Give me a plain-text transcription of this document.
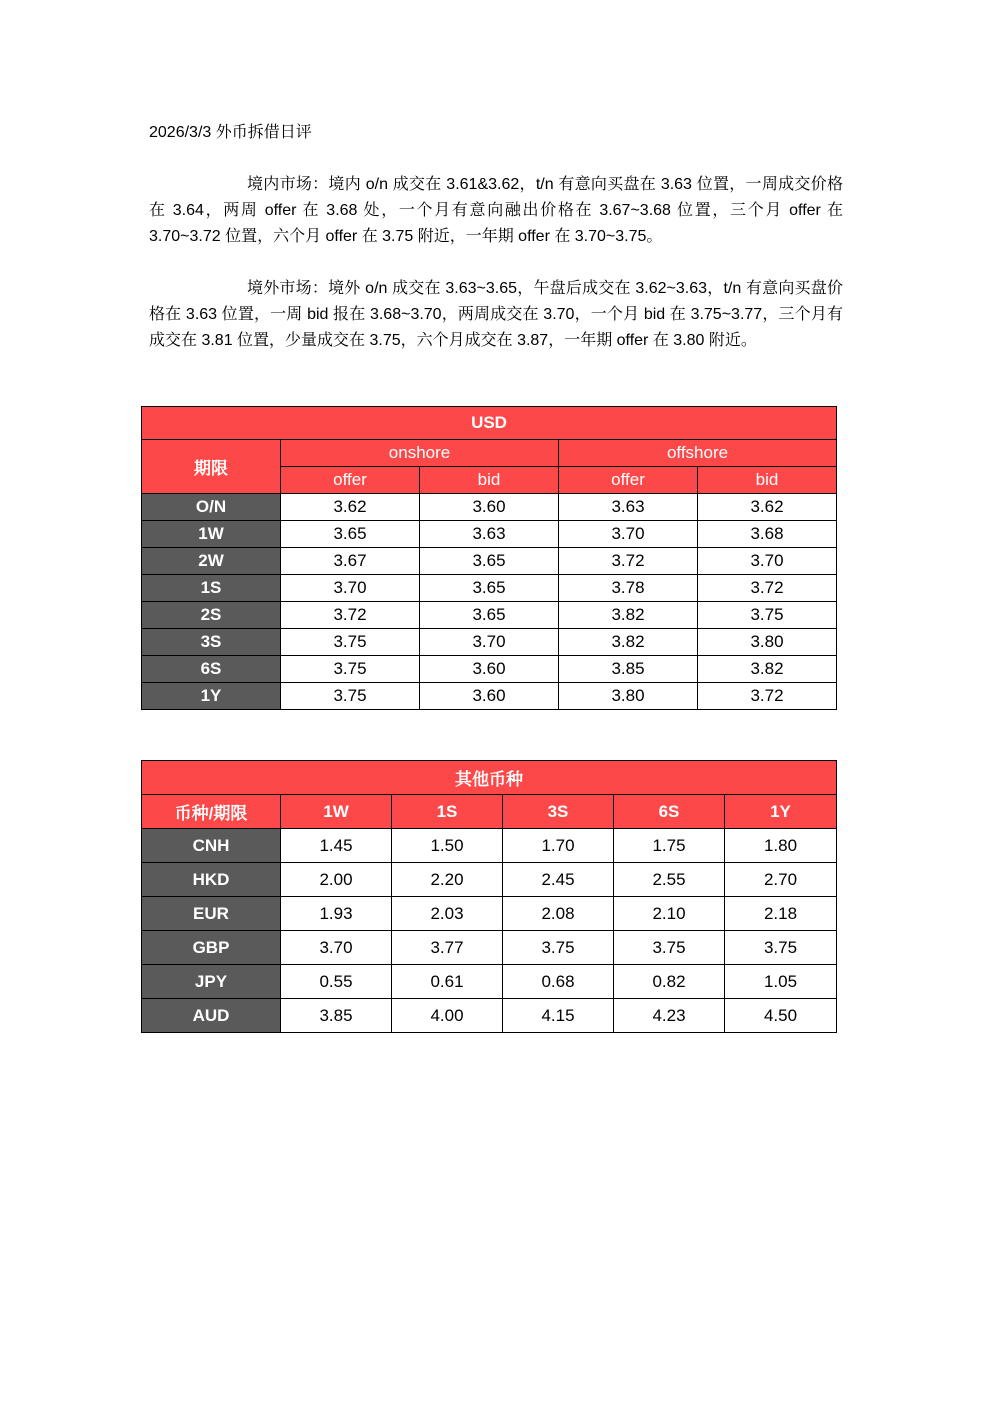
2026/3/3 外币拆借日评

境内市场：境内 o/n 成交在 3.61&3.62，t/n 有意向买盘在 3.63 位置，一周成交价格在 3.64，两周 offer 在 3.68 处，一个月有意向融出价格在 3.67~3.68 位置，三个月 offer 在 3.70~3.72 位置，六个月 offer 在 3.75 附近，一年期 offer 在 3.70~3.75。

境外市场：境外 o/n 成交在 3.63~3.65，午盘后成交在 3.62~3.63，t/n 有意向买盘价格在 3.63 位置，一周 bid 报在 3.68~3.70，两周成交在 3.70，一个月 bid 在 3.75~3.77，三个月有成交在 3.81 位置，少量成交在 3.75，六个月成交在 3.87，一年期 offer 在 3.80 附近。

USD				
期限	onshore		offshore	
	offer	bid	offer	bid
O/N	3.62	3.60	3.63	3.62
1W	3.65	3.63	3.70	3.68
2W	3.67	3.65	3.72	3.70
1S	3.70	3.65	3.78	3.72
2S	3.72	3.65	3.82	3.75
3S	3.75	3.70	3.82	3.80
6S	3.75	3.60	3.85	3.82
1Y	3.75	3.60	3.80	3.72
其他币种					
币种/期限	1W	1S	3S	6S	1Y
CNH	1.45	1.50	1.70	1.75	1.80
HKD	2.00	2.20	2.45	2.55	2.70
EUR	1.93	2.03	2.08	2.10	2.18
GBP	3.70	3.77	3.75	3.75	3.75
JPY	0.55	0.61	0.68	0.82	1.05
AUD	3.85	4.00	4.15	4.23	4.50
